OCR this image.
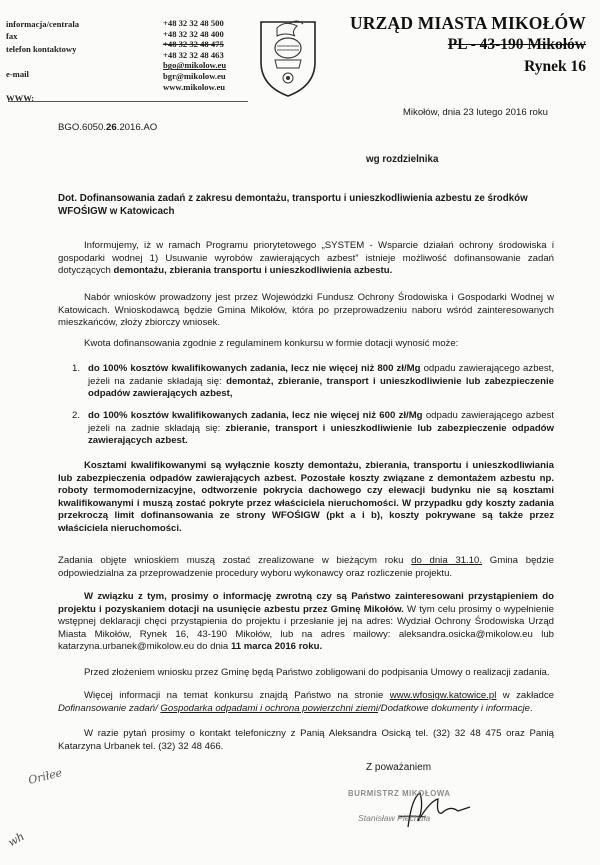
informacja/centrala
fax
telefon kontaktowy
e-mail
WWW:
+48 32 32 48 500
+48 32 32 48 400
+48 32 32 48 475
+48 32 32 48 463
bgo@mikolow.eu
bgr@mikolow.eu
www.mikolow.eu
URZĄD MIASTA MIKOŁÓW
PL - 43-190 Mikołów
Rynek 16
Mikołów, dnia 23 lutego 2016 roku
BGO.6050.26.2016.AO
wg rozdzielnika
Dot. Dofinansowania zadań z zakresu demontażu, transportu i unieszkodliwienia azbestu ze środków WFOŚIGW w Katowicach
Informujemy, iż w ramach Programu priorytetowego „SYSTEM - Wsparcie działań ochrony środowiska i gospodarki wodnej 1) Usuwanie wyrobów zawierających azbest” istnieje możliwość dofinansowanie zadań dotyczących demontażu, zbierania transportu i unieszkodliwienia azbestu.
Nabór wniosków prowadzony jest przez Wojewódzki Fundusz Ochrony Środowiska i Gospodarki Wodnej w Katowicach. Wnioskodawcą będzie Gmina Mikołów, która po przeprowadzeniu naboru wśród zainteresowanych mieszkańców, złoży zbiorczy wniosek.
Kwota dofinansowania zgodnie z regulaminem konkursu w formie dotacji wynosić może:
1. do 100% kosztów kwalifikowanych zadania, lecz nie więcej niż 800 zł/Mg odpadu zawierającego azbest, jeżeli na zadanie składają się: demontaż, zbieranie, transport i unieszkodliwienie lub zabezpieczenie odpadów zawierających azbest,
2. do 100% kosztów kwalifikowanych zadania, lecz nie więcej niż 600 zł/Mg odpadu zawierającego azbest jeżeli na zadnie składają się: zbieranie, transport i unieszkodliwienie lub zabezpieczenie odpadów zawierających azbest.
Kosztami kwalifikowanymi są wyłącznie koszty demontażu, zbierania, transportu i unieszkodliwiania lub zabezpieczenia odpadów zawierających azbest. Pozostałe koszty związane z demontażem azbestu np. roboty termomodernizacyjne, odtworzenie pokrycia dachowego czy elewacji budynku nie są kosztami kwalifikowanymi i muszą zostać pokryte przez właściciela nieruchomości. W przypadku gdy koszty zadania przekroczą limit dofinansowania ze strony WFOŚIGW (pkt a i b), koszty pokrywane są także przez właściciela nieruchomości.
Zadania objęte wnioskiem muszą zostać zrealizowane w bieżącym roku do dnia 31.10. Gmina będzie odpowiedzialna za przeprowadzenie procedury wyboru wykonawcy oraz rozliczenie projektu.
W związku z tym, prosimy o informację zwrotną czy są Państwo zainteresowani przystąpieniem do projektu i pozyskaniem dotacji na usunięcie azbestu przez Gminę Mikołów. W tym celu prosimy o wypełnienie wstępnej deklaracji chęci przystąpienia do projektu i przesłanie jej na adres: Wydział Ochrony Środowiska Urząd Miasta Mikołów, Rynek 16, 43-190 Mikołów, lub na adres mailowy: aleksandra.osicka@mikolow.eu lub katarzyna.urbanek@mikolow.eu do dnia 11 marca 2016 roku.
Przed złożeniem wniosku przez Gminę będą Państwo zobligowani do podpisania Umowy o realizacji zadania.
Więcej informacji na temat konkursu znajdą Państwo na stronie www.wfosigw.katowice.pl w zakładce Dofinansowanie zadań/ Gospodarka odpadami i ochrona powierzchni ziemi/Dodatkowe dokumenty i informacje.
W razie pytań prosimy o kontakt telefoniczny z Panią Aleksandra Osicką tel. (32) 32 48 475 oraz Panią Katarzyna Urbanek tel. (32) 32 48 466.
Z poważaniem
BURMISTRZ MIKOŁOWA
Stanisław Piechula
Oriłee
wh
